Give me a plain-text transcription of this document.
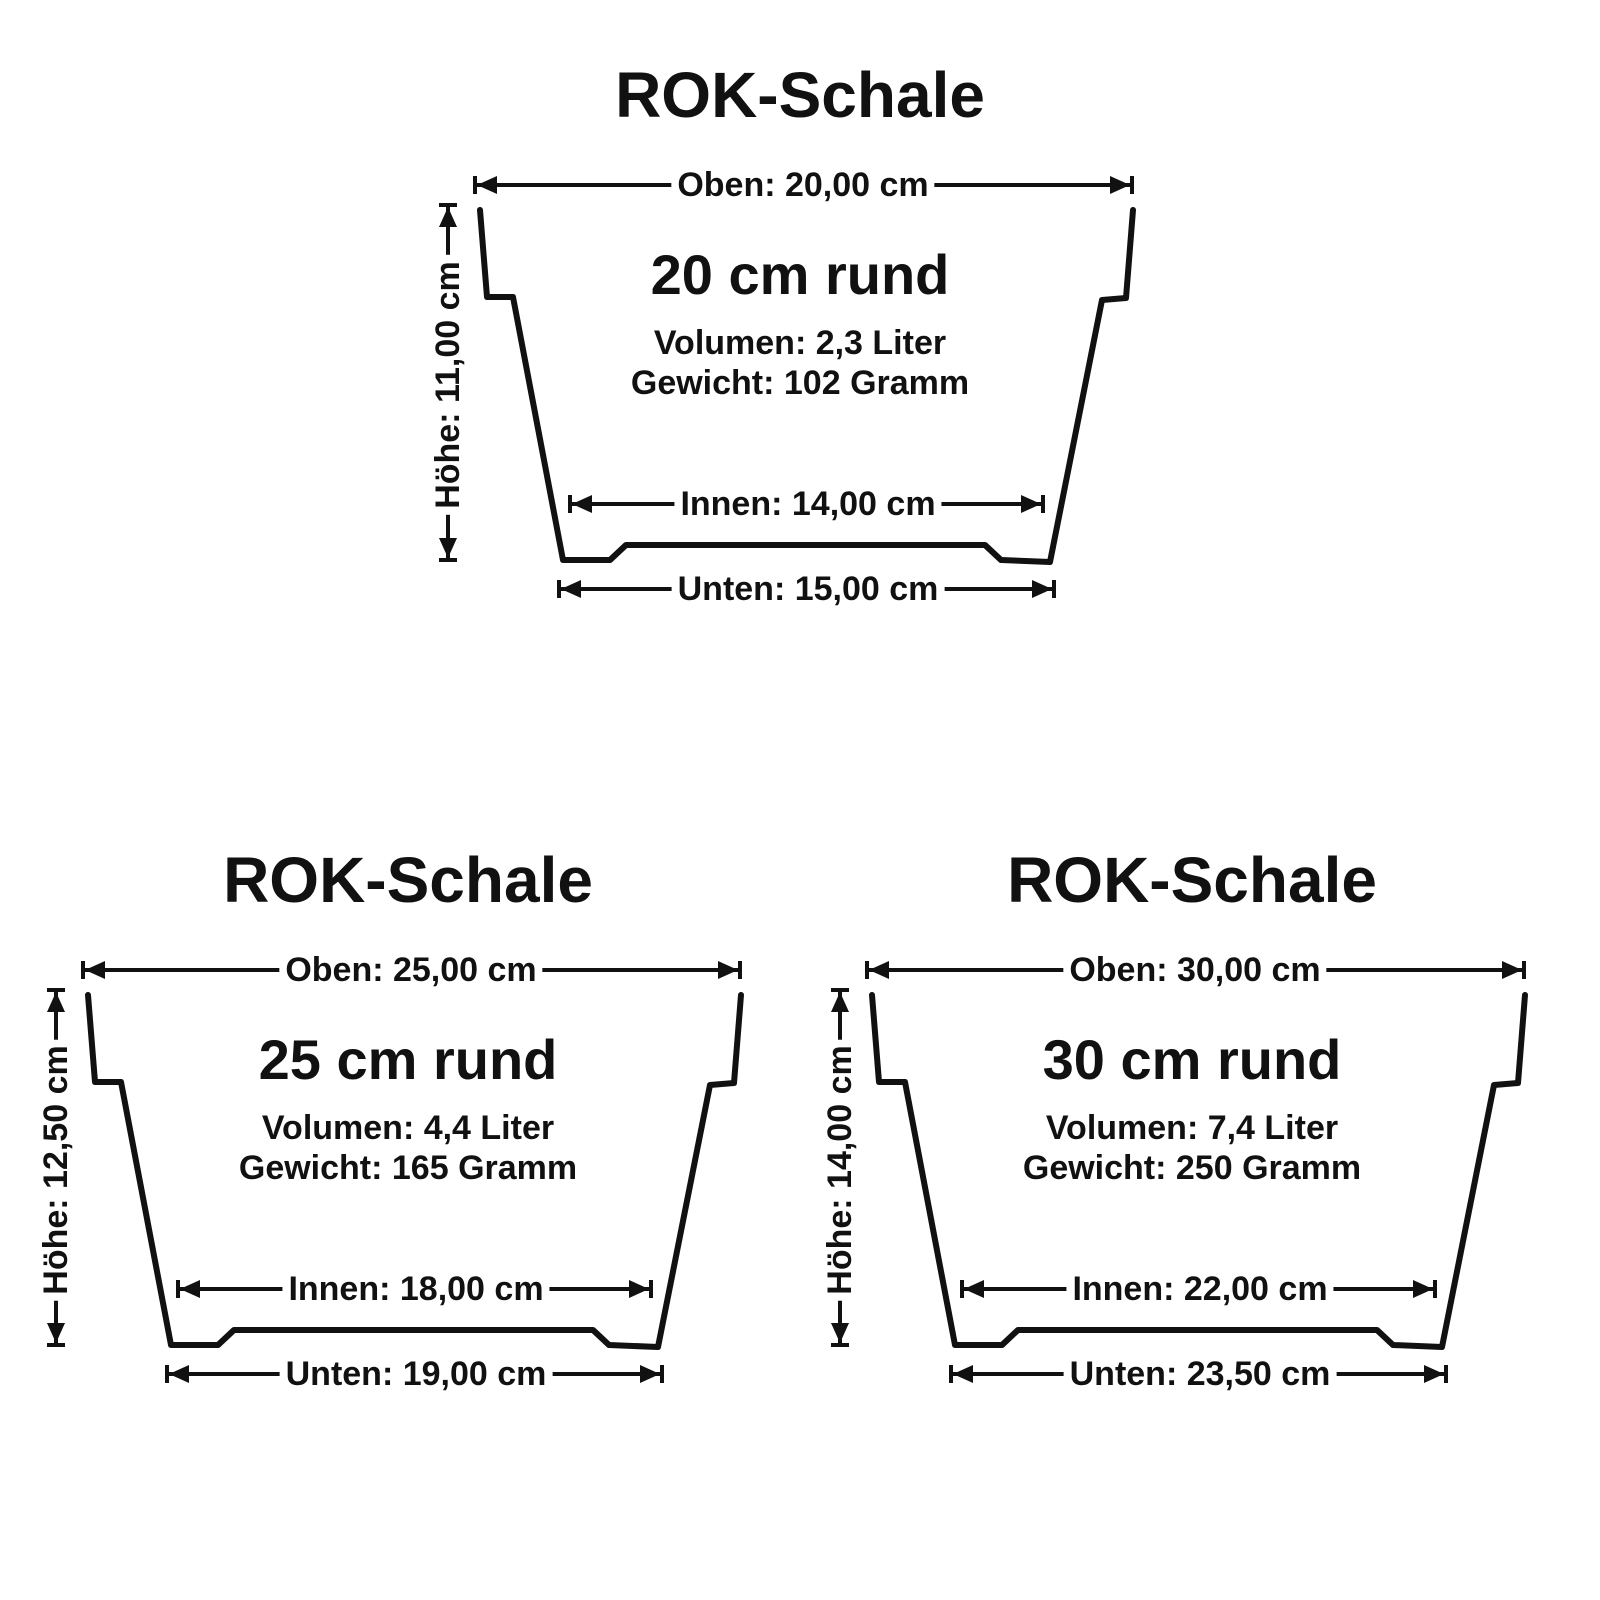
ROK-Schale
20 cm rund
Volumen: 2,3 Liter
Gewicht: 102 Gramm
Oben: 20,00 cm
Innen: 14,00 cm
Unten: 15,00 cm
Höhe: 11,00 cm
ROK-Schale
25 cm rund
Volumen: 4,4 Liter
Gewicht: 165 Gramm
Oben: 25,00 cm
Innen: 18,00 cm
Unten: 19,00 cm
Höhe: 12,50 cm
ROK-Schale
30 cm rund
Volumen: 7,4 Liter
Gewicht: 250 Gramm
Oben: 30,00 cm
Innen: 22,00 cm
Unten: 23,50 cm
Höhe: 14,00 cm
